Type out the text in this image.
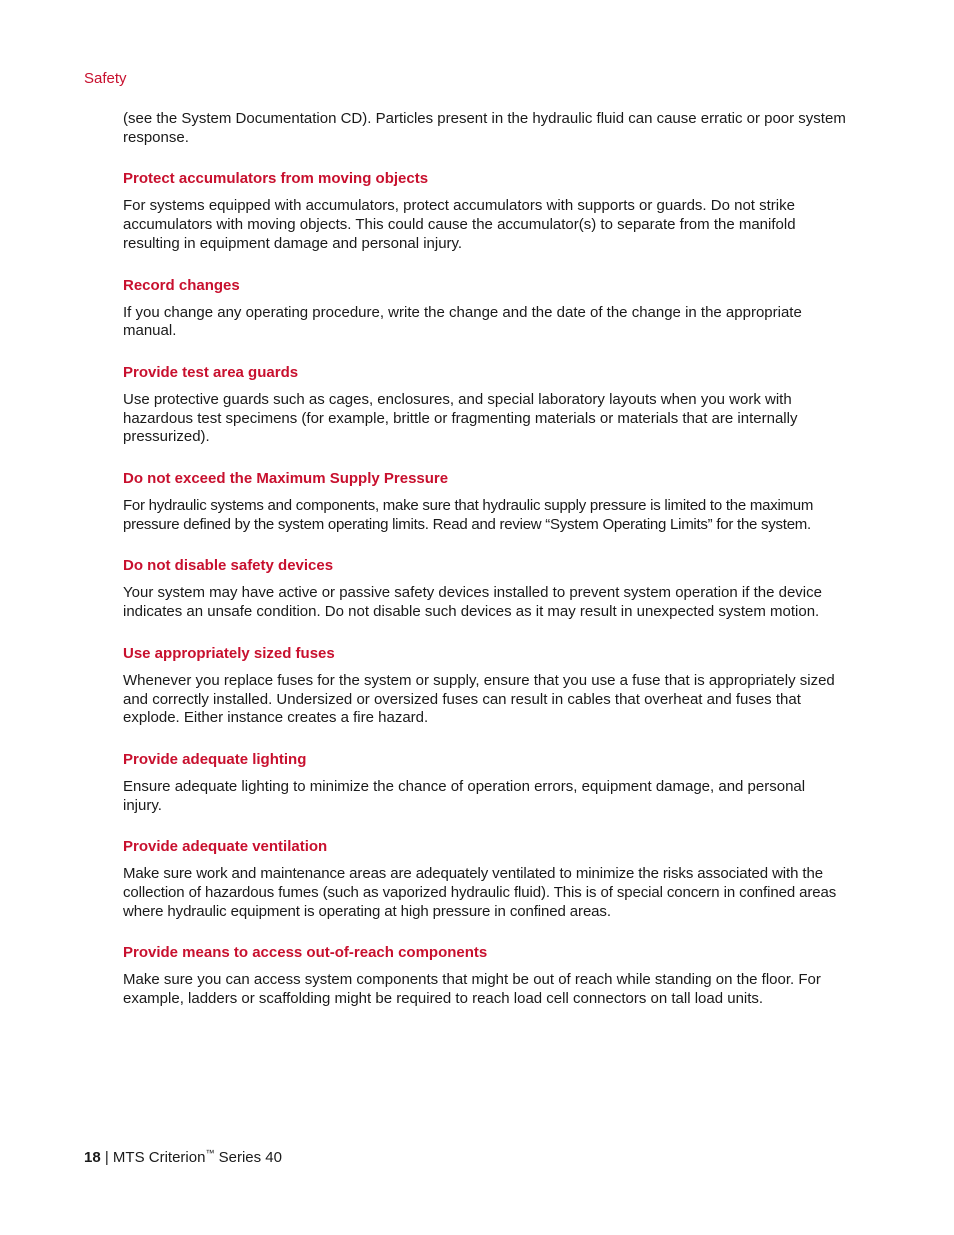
Safety

(see the System Documentation CD). Particles present in the hydraulic fluid can cause erratic or poor system response.

Protect accumulators from moving objects

For systems equipped with accumulators, protect accumulators with supports or guards. Do not strike accumulators with moving objects. This could cause the accumulator(s) to separate from the manifold resulting in equipment damage and personal injury.

Record changes

If you change any operating procedure, write the change and the date of the change in the appropriate manual.

Provide test area guards

Use protective guards such as cages, enclosures, and special laboratory layouts when you work with hazardous test specimens (for example, brittle or fragmenting materials or materials that are internally pressurized).

Do not exceed the Maximum Supply Pressure

For hydraulic systems and components, make sure that hydraulic supply pressure is limited to the maximum pressure defined by the system operating limits. Read and review “System Operating Limits” for the system.

Do not disable safety devices

Your system may have active or passive safety devices installed to prevent system operation if the device indicates an unsafe condition. Do not disable such devices as it may result in unexpected system motion.

Use appropriately sized fuses

Whenever you replace fuses for the system or supply, ensure that you use a fuse that is appropriately sized and correctly installed. Undersized or oversized fuses can result in cables that overheat and fuses that explode. Either instance creates a fire hazard.

Provide adequate lighting

Ensure adequate lighting to minimize the chance of operation errors, equipment damage, and personal injury.

Provide adequate ventilation

Make sure work and maintenance areas are adequately ventilated to minimize the risks associated with the collection of hazardous fumes (such as vaporized hydraulic fluid). This is of special concern in confined areas where hydraulic equipment is operating at high pressure in confined areas.

Provide means to access out-of-reach components

Make sure you can access system components that might be out of reach while standing on the floor. For example, ladders or scaffolding might be required to reach load cell connectors on tall load units.

18 | MTS Criterion™ Series 40
